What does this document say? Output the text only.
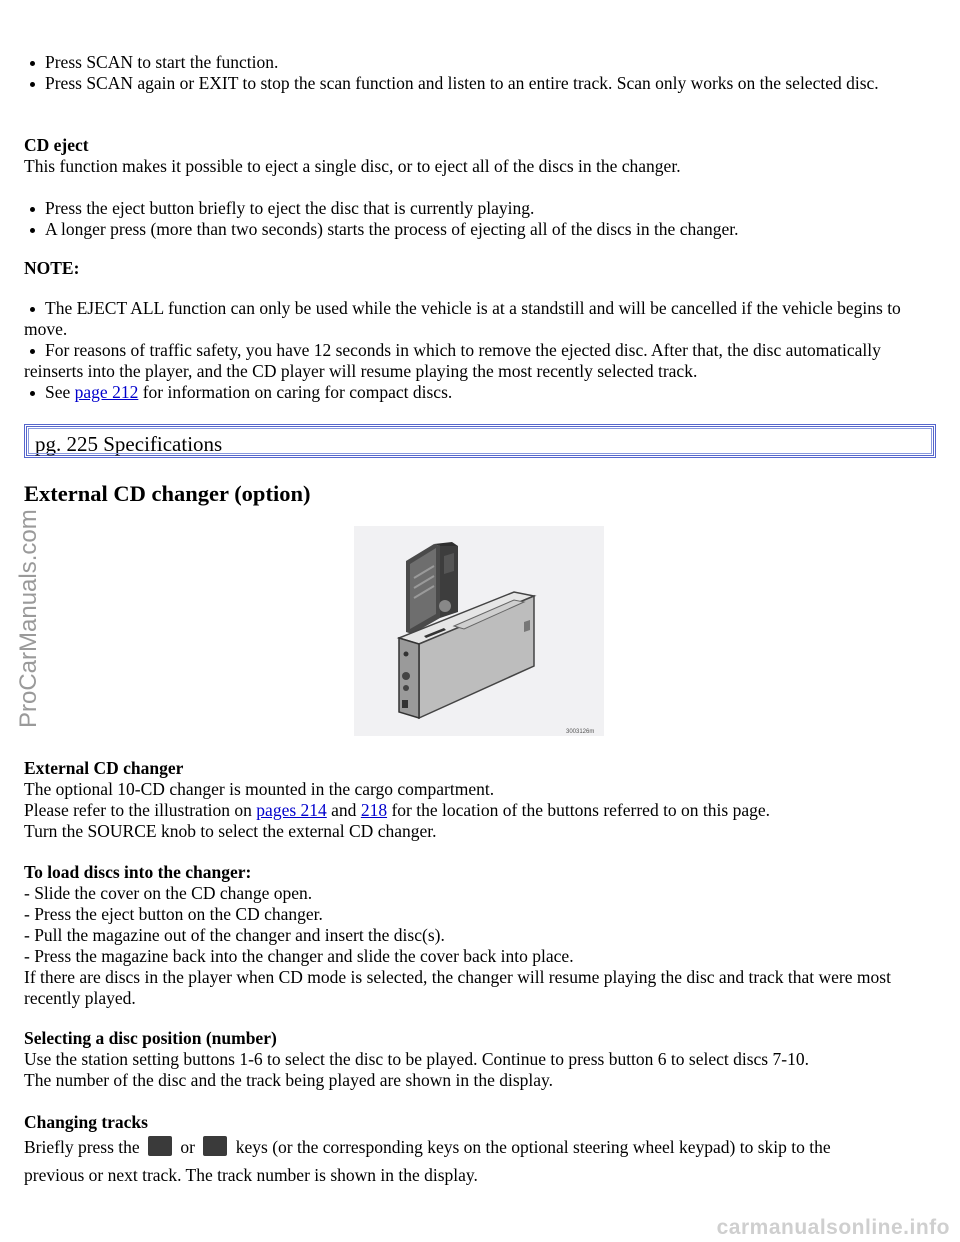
Press SCAN to start the function.
Press SCAN again or EXIT to stop the scan function and listen to an entire track. Scan only works on the selected disc.

CD eject

This function makes it possible to eject a single disc, or to eject all of the discs in the changer.

Press the eject button briefly to eject the disc that is currently playing.
A longer press (more than two seconds) starts the process of ejecting all of the discs in the changer.

NOTE:

The EJECT ALL function can only be used while the vehicle is at a standstill and will be cancelled if the vehicle begins to move.
For reasons of traffic safety, you have 12 seconds in which to remove the ejected disc. After that, the disc automatically reinserts into the player, and the CD player will resume playing the most recently selected track.
See page 212 for information on caring for compact discs.
pg. 225 Specifications
External CD changer (option)
3003126m

External CD changer

The optional 10-CD changer is mounted in the cargo compartment.

Please refer to the illustration on pages 214 and 218 for the location of the buttons referred to on this page.

Turn the SOURCE knob to select the external CD changer.

To load discs into the changer:

- Slide the cover on the CD change open.

- Press the eject button on the CD changer.

- Pull the magazine out of the changer and insert the disc(s).

- Press the magazine back into the changer and slide the cover back into place.

If there are discs in the player when CD mode is selected, the changer will resume playing the disc and track that were most recently played.

Selecting a disc position (number)

Use the station setting buttons 1-6 to select the disc to be played. Continue to press button 6 to select discs 7-10.

The number of the disc and the track being played are shown in the display.

Changing tracks

Briefly press the or keys (or the corresponding keys on the optional steering wheel keypad) to skip to the

previous or next track. The track number is shown in the display.

ProCarManuals.com
carmanualsonline.info
